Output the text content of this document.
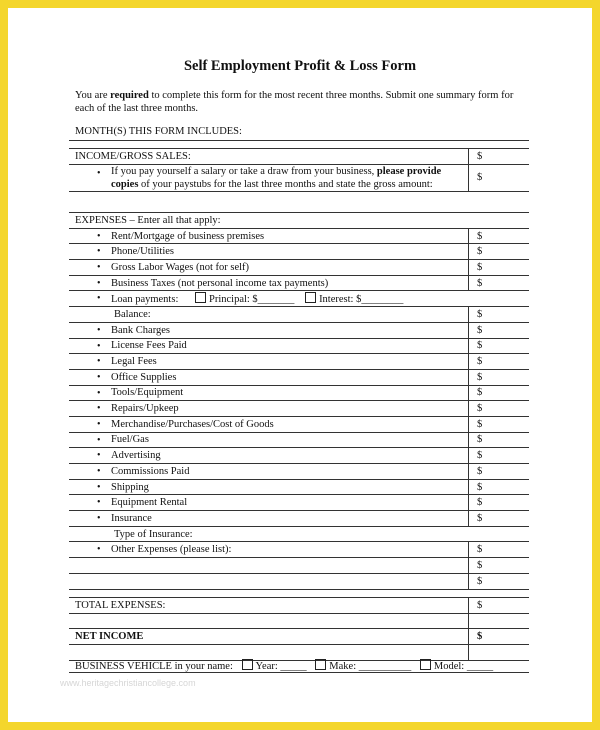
Self Employment Profit & Loss Form
You are required to complete this form for the most recent three months. Submit one summary form for each of the last three months.
MONTH(S) THIS FORM INCLUDES:
INCOME/GROSS SALES:	$

• If you pay yourself a salary or take a draw from your business, please provide copies of your paystubs for the last three months and state the gross amount:	$
EXPENSES – Enter all that apply:	

• Rent/Mortgage of business premises	$

• Phone/Utilities	$

• Gross Labor Wages (not for self)	$

• Business Taxes (not personal income tax payments)	$

• Loan payments: Principal: $_______ Interest: $________	
Balance:	$

• Bank Charges	$

• License Fees Paid	$

• Legal Fees	$

• Office Supplies	$

• Tools/Equipment	$

• Repairs/Upkeep	$

• Merchandise/Purchases/Cost of Goods	$

• Fuel/Gas	$

• Advertising	$

• Commissions Paid	$

• Shipping	$

• Equipment Rental	$

• Insurance	$
Type of Insurance:	

• Other Expenses (please list):	$
	$
	$
TOTAL EXPENSES:	$

NET INCOME	$

BUSINESS VEHICLE in your name: Year: _____ Make: __________ Model: _____
www.heritagechristiancollege.com
